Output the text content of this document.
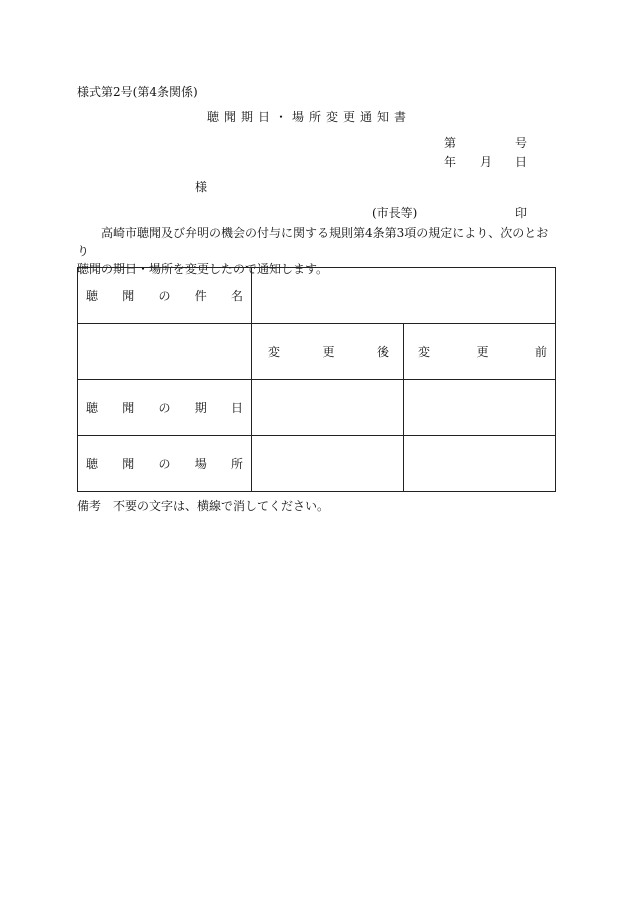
様式第2号(第4条関係)
聴聞期日・場所変更通知書
第	号
年 月 日
様
(市長等)	印

高崎市聴聞及び弁明の機会の付与に関する規則第4条第3項の規定により、次のとおり

聴聞の期日・場所を変更したので通知します。

聴 聞 の 件 名		

	変 更 後	変 更 前

聴 聞 の 期 日		

聴 聞 の 場 所		

備考　不要の文字は、横線で消してください。
